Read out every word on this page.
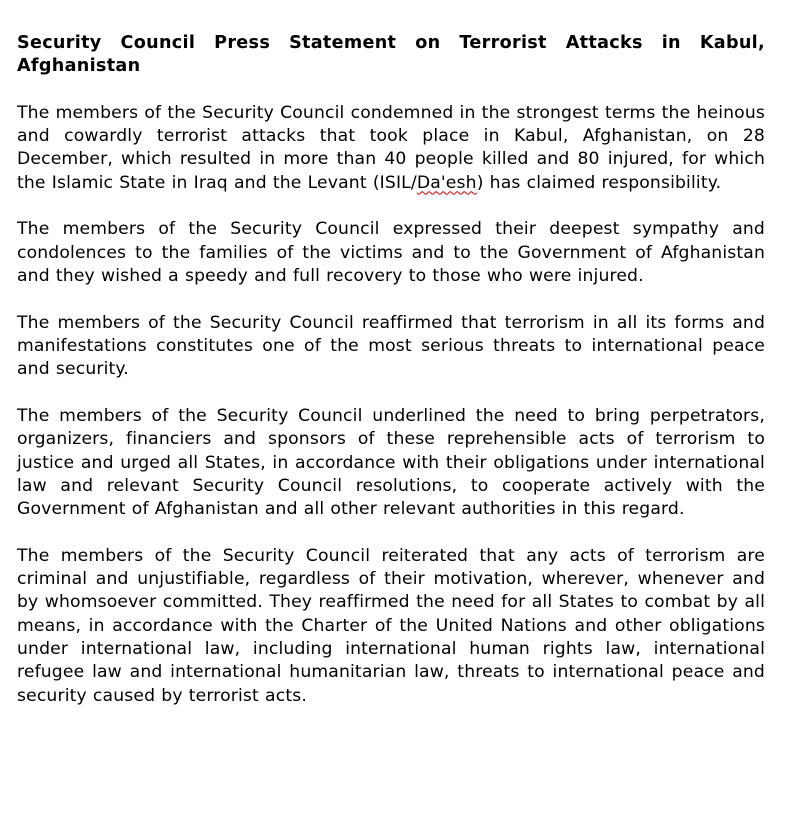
Security Council Press Statement on Terrorist Attacks in Kabul, Afghanistan

The members of the Security Council condemned in the strongest terms the heinous and cowardly terrorist attacks that took place in Kabul, Afghanistan, on 28 December, which resulted in more than 40 people killed and 80 injured, for which the Islamic State in Iraq and the Levant (ISIL/Da'esh) has claimed responsibility.

The members of the Security Council expressed their deepest sympathy and condolences to the families of the victims and to the Government of Afghanistan and they wished a speedy and full recovery to those who were injured.

The members of the Security Council reaffirmed that terrorism in all its forms and manifestations constitutes one of the most serious threats to international peace and security.

The members of the Security Council underlined the need to bring perpetrators, organizers, financiers and sponsors of these reprehensible acts of terrorism to justice and urged all States, in accordance with their obligations under international law and relevant Security Council resolutions, to cooperate actively with the Government of Afghanistan and all other relevant authorities in this regard.

The members of the Security Council reiterated that any acts of terrorism are criminal and unjustifiable, regardless of their motivation, wherever, whenever and by whomsoever committed. They reaffirmed the need for all States to combat by all means, in accordance with the Charter of the United Nations and other obligations under international law, including international human rights law, international refugee law and international humanitarian law, threats to international peace and security caused by terrorist acts.
